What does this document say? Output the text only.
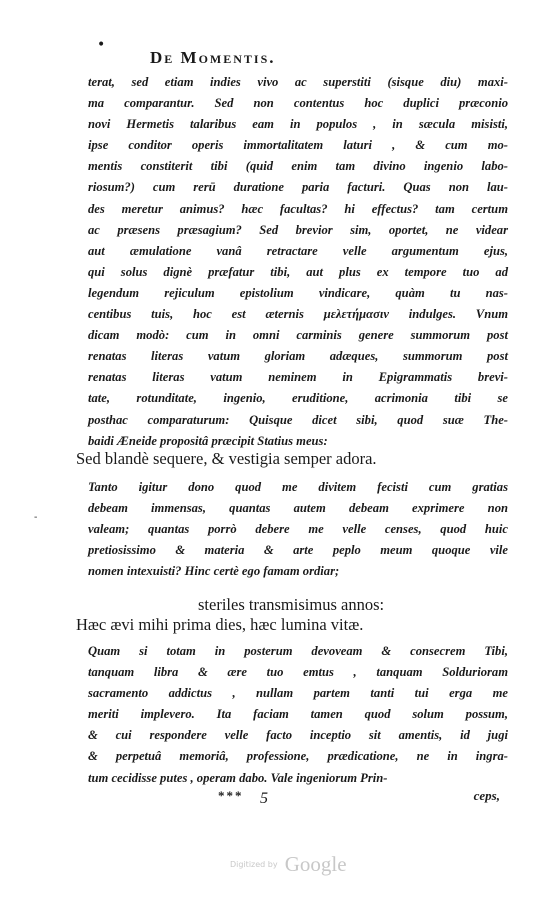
•
De Momentis.
terat, sed etiam indies vivo ac superstiti (sisque diu) maxi-
ma comparantur. Sed non contentus hoc duplici præconio
novi Hermetis talaribus eam in populos , in sæcula misisti,
ipse conditor operis immortalitatem laturi , & cum mo-
mentis constiterit tibi (quid enim tam divino ingenio labo-
riosum?) cum rerū duratione paria facturi. Quas non lau-
des meretur animus? hæc facultas? hi effectus? tam certum
ac præsens præsagium? Sed brevior sim, oportet, ne videar
aut æmulatione vanâ retractare velle argumentum ejus,
qui solus dignè præfatur tibi, aut plus ex tempore tuo ad
legendum rejiculum epistolium vindicare, quàm tu nas-
centibus tuis, hoc est æternis μελετήμασιν indulges. Vnum
dicam modò: cum in omni carminis genere summorum post
renatas literas vatum gloriam adæques, summorum post
renatas literas vatum neminem in Epigrammatis brevi-
tate, rotunditate, ingenio, eruditione, acrimonia tibi se
posthac comparaturum: Quisque dicet sibi, quod suæ The-
baidi Æneide propositâ præcipit Statius meus:
Sed blandè sequere, & vestigia semper adora.
Tanto igitur dono quod me divitem fecisti cum gratias
debeam immensas, quantas autem debeam exprimere non
valeam; quantas porrò debere me velle censes, quod huic
pretiosissimo & materia & arte peplo meum quoque vile
nomen intexuisti? Hinc certè ego famam ordiar;
-
steriles transmisimus annos:
Hæc ævi mihi prima dies, hæc lumina vitæ.
Quam si totam in posterum devoveam & consecrem Tibi,
tanquam libra & ære tuo emtus , tanquam Soldurioram
sacramento addictus , nullam partem tanti tui erga me
meriti implevero. Ita faciam tamen quod solum possum,
& cui respondere velle facto inceptio sit amentis, id jugi
& perpetuâ memoriâ, professione, prædicatione, ne in ingra-
tum cecidisse putes , operam dabo. Vale ingeniorum Prin-
*** 5	ceps,
Digitized by Google
